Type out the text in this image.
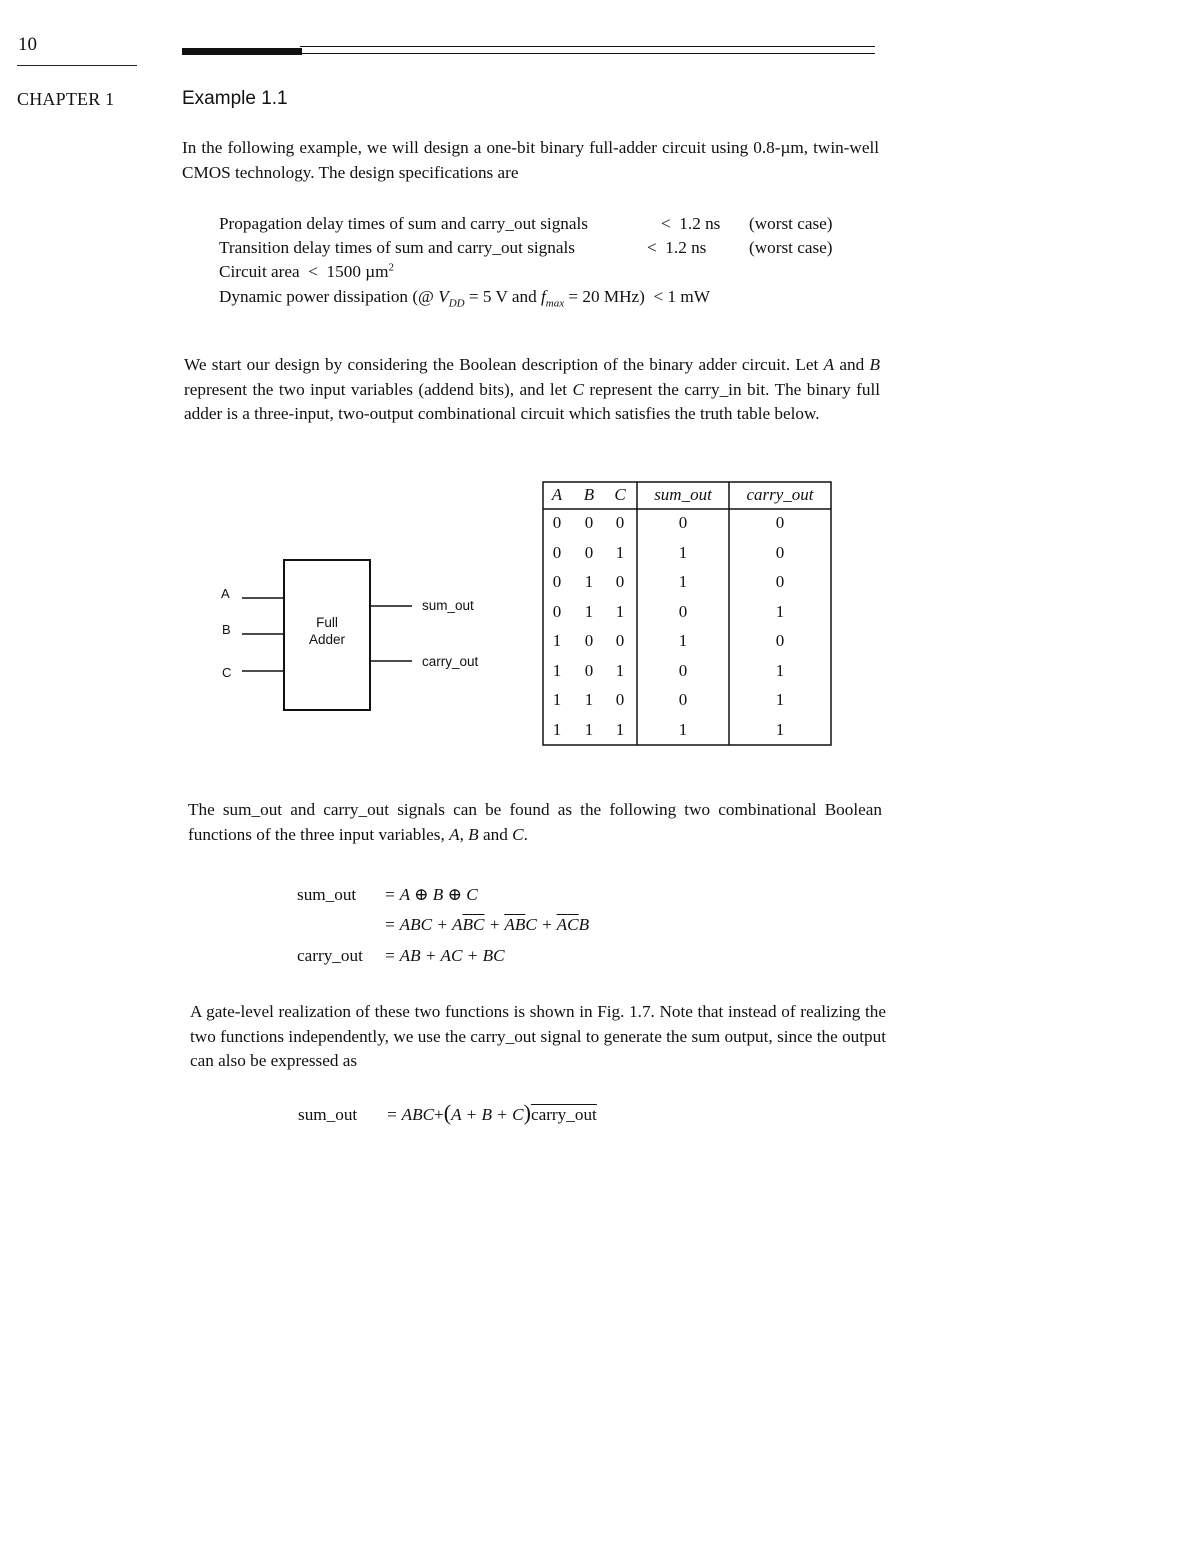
10
CHAPTER 1	Example 1.1
In the following example, we will design a one-bit binary full-adder circuit using 0.8-µm, twin-well CMOS technology. The design specifications are
Propagation delay times of sum and carry_out signals	< 1.2 ns (worst case)
Transition delay times of sum and carry_out signals	< 1.2 ns (worst case)
Circuit area < 1500 µm$^2$
Dynamic power dissipation (@ $V_{DD} = 5$ V and $f_{max} = 20$ MHz) < 1 mW
We start our design by considering the Boolean description of the binary adder circuit. Let A and B represent the two input variables (addend bits), and let C represent the carry_in bit. The binary full adder is a three-input, two-output combinational circuit which satisfies the truth table below.
A
B
C
Full
Adder
sum_out
carry_out
A	B	C	sum_out	carry_out
0	0	0	0	0
0	0	1	1	0
0	1	0	1	0
0	1	1	0	1
1	0	0	1	0
1	0	1	0	1
1	1	0	0	1
1	1	1	1	1
The sum_out and carry_out signals can be found as the following two combinational Boolean functions of the three input variables, A, B and C.
sum_out = A ⊕ B ⊕ C
= ABC + $A\overline{B}\overline{C} + \overline{A}\overline{B}C + \overline{A}\overline{C}B$
carry_out = AB + AC + BC
A gate-level realization of these two functions is shown in Fig. 1.7. Note that instead of realizing the two functions independently, we use the carry_out signal to generate the sum output, since the output can also be expressed as
sum_out = ABC+(A + B + C)carry_out
